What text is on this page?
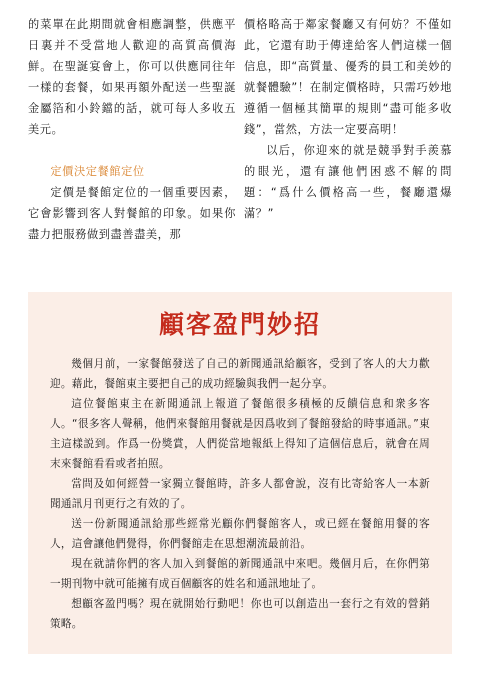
的菜單在此期間就會相應調整，供應平日裏并不受當地人歡迎的高質高價海鮮。在聖誕宴會上，你可以供應同往年一樣的套餐，如果再額外配送一些聖誕金屬箔和小鈴鐺的話，就可每人多收五美元。

定價決定餐館定位

定價是餐館定位的一個重要因素，它會影響到客人對餐館的印象。如果你盡力把服務做到盡善盡美，那

價格略高于鄰家餐廳又有何妨？不僅如此，它還有助于傳達給客人們這樣一個信息，即“高質量、優秀的員工和美妙的就餐體驗”！在制定價格時，只需巧妙地遵循一個極其簡單的規則“盡可能多收錢”，當然，方法一定要高明！

以后，你迎來的就是競爭對手羨慕的眼光，還有讓他們困惑不解的問題：“爲什么價格高一些，餐廳還爆滿？”

顧客盈門妙招

幾個月前，一家餐館發送了自己的新聞通訊給顧客，受到了客人的大力歡迎。藉此，餐館東主要把自己的成功經驗與我們一起分享。

這位餐館東主在新聞通訊上報道了餐館很多積極的反饋信息和衆多客人。“很多客人聲稱，他們來餐館用餐就是因爲收到了餐館發給的時事通訊。”東主這樣説到。作爲一份獎賞，人們從當地報紙上得知了這個信息后，就會在周末來餐館看看或者拍照。

當問及如何經營一家獨立餐館時，許多人都會說，沒有比寄給客人一本新聞通訊月刊更行之有效的了。

送一份新聞通訊給那些經常光顧你們餐館客人，或已經在餐館用餐的客人，這會讓他們覺得，你們餐館走在思想潮流最前沿。

現在就請你們的客人加入到餐館的新聞通訊中來吧。幾個月后，在你們第一期刊物中就可能擁有成百個顧客的姓名和通訊地址了。

想顧客盈門嗎？現在就開始行動吧！你也可以創造出一套行之有效的營銷策略。
